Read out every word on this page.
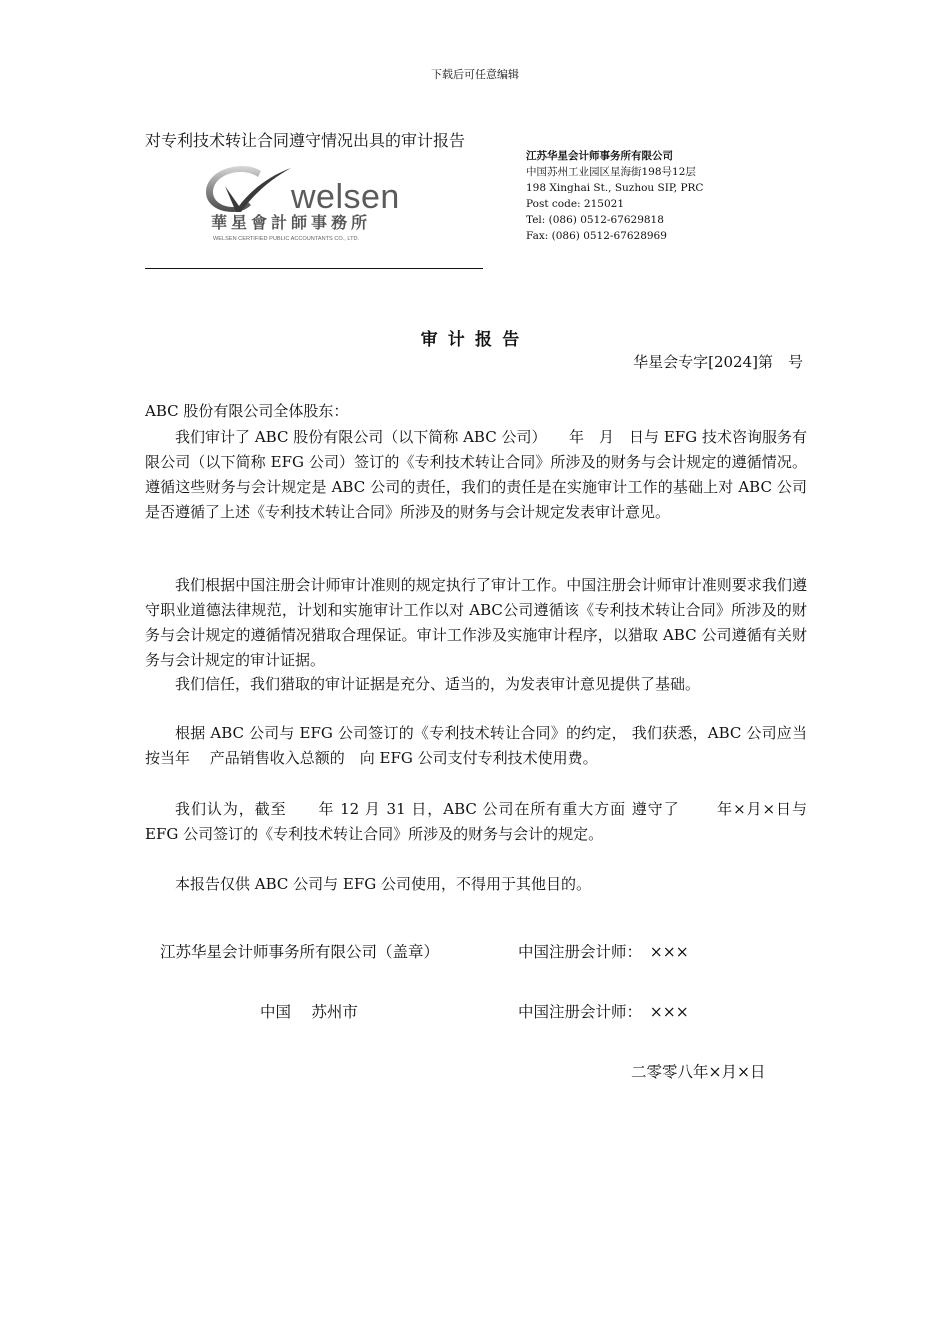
下载后可任意编辑
对专利技术转让合同遵守情况出具的审计报告
welsen
華星會計師事務所
WELSEN CERTIFIED PUBLIC ACCOUNTANTS CO., LTD.
江苏华星会计师事务所有限公司
中国苏州工业园区星海街198号12层
198 Xinghai St., Suzhou SIP, PRC
Post code: 215021
Tel: (086) 0512-67629818
Fax: (086) 0512-67628969
审计报告
华星会专字[2024]第　号
ABC 股份有限公司全体股东：
我们审计了 ABC 股份有限公司（以下简称 ABC 公司）　　年　月　日与 EFG 技术咨询服务有限公司（以下简称 EFG 公司）签订的《专利技术转让合同》所涉及的财务与会计规定的遵循情况。遵循这些财务与会计规定是 ABC 公司的责任，我们的责任是在实施审计工作的基础上对 ABC 公司是否遵循了上述《专利技术转让合同》所涉及的财务与会计规定发表审计意见。
我们根据中国注册会计师审计准则的规定执行了审计工作。中国注册会计师审计准则要求我们遵守职业道德法律规范，计划和实施审计工作以对 ABC公司遵循该《专利技术转让合同》所涉及的财务与会计规定的遵循情况猎取合理保证。审计工作涉及实施审计程序，以猎取 ABC 公司遵循有关财务与会计规定的审计证据。
我们信任，我们猎取的审计证据是充分、适当的，为发表审计意见提供了基础。
根据 ABC 公司与 EFG 公司签订的《专利技术转让合同》的约定， 我们获悉，ABC 公司应当按当年　 产品销售收入总额的　向 EFG 公司支付专利技术使用费。
我们认为，截至　　年 12 月 31 日，ABC 公司在所有重大方面 遵守了　　 年×月×日与 EFG 公司签订的《专利技术转让合同》所涉及的财务与会计的规定。
本报告仅供 ABC 公司与 EFG 公司使用，不得用于其他目的。
江苏华星会计师事务所有限公司（盖章）	中国注册会计师：　×××
中国　 苏州市	中国注册会计师：　×××
二零零八年×月×日
